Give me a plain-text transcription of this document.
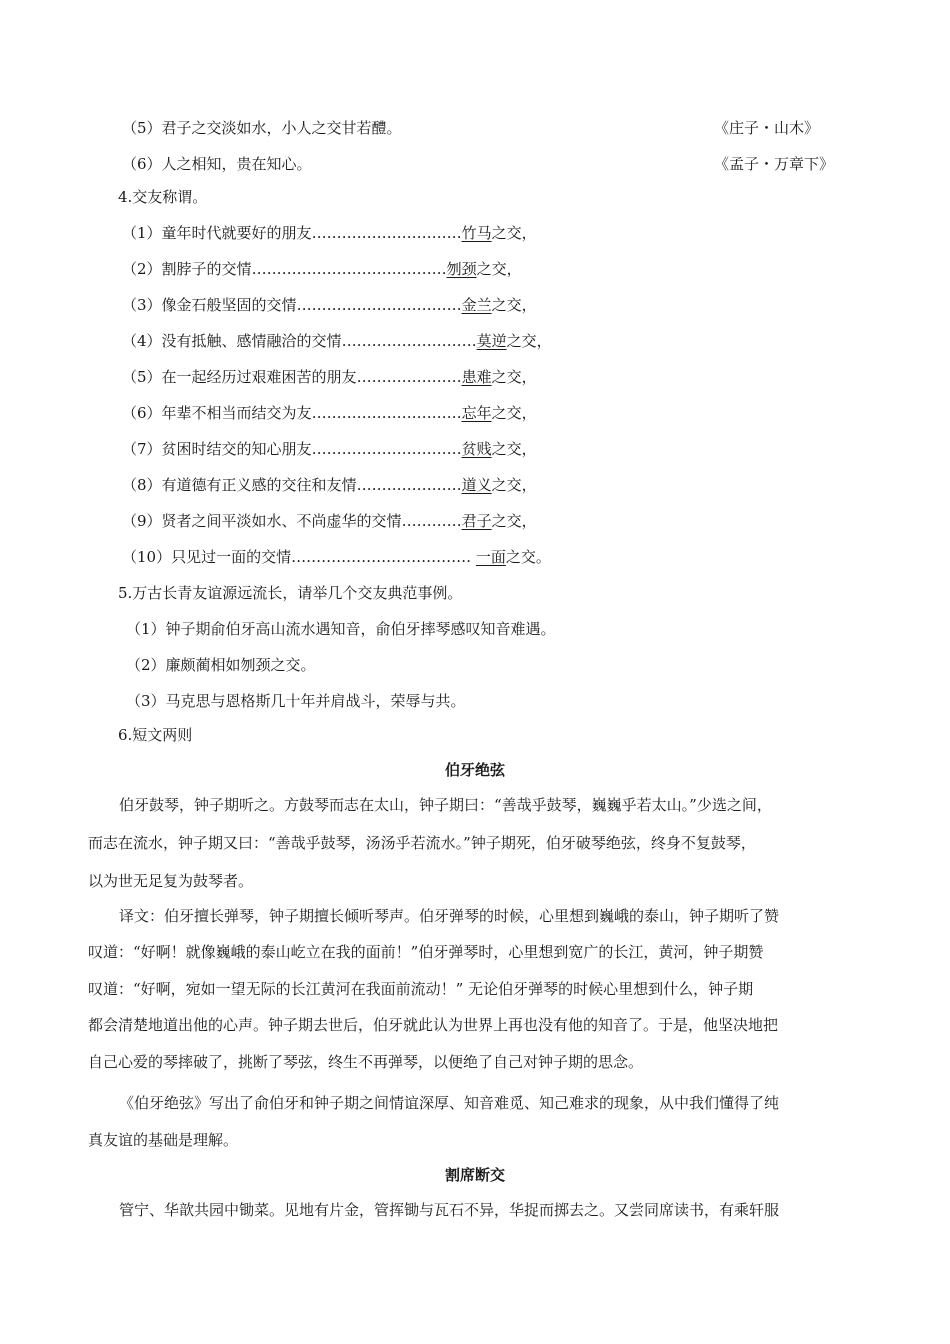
（5）君子之交淡如水，小人之交甘若醴。	《庄子・山木》
（6）人之相知，贵在知心。	《孟子・万章下》
4.交友称谓。
（1）童年时代就要好的朋友…………………………竹马之交，
（2）割脖子的交情…………………………………刎颈之交，
（3）像金石般坚固的交情……………………………金兰之交，
（4）没有抵触、感情融洽的交情………………………莫逆之交，
（5）在一起经历过艰难困苦的朋友…………………患难之交，
（6）年辈不相当而结交为友…………………………忘年之交，
（7）贫困时结交的知心朋友…………………………贫贱之交，
（8）有道德有正义感的交往和友情…………………道义之交，
（9）贤者之间平淡如水、不尚虚华的交情…………君子之交，
（10）只见过一面的交情……………………………… 一面之交。
5.万古长青友谊源远流长，请举几个交友典范事例。
（1）钟子期俞伯牙高山流水遇知音，俞伯牙摔琴感叹知音难遇。
（2）廉颇蔺相如刎颈之交。
（3）马克思与恩格斯几十年并肩战斗，荣辱与共。
6.短文两则
伯牙绝弦
伯牙鼓琴，钟子期听之。方鼓琴而志在太山，钟子期曰：“善哉乎鼓琴，巍巍乎若太山。”少选之间，
而志在流水，钟子期又曰：“善哉乎鼓琴，汤汤乎若流水。”钟子期死，伯牙破琴绝弦，终身不复鼓琴，
以为世无足复为鼓琴者。
译文：伯牙擅长弹琴，钟子期擅长倾听琴声。伯牙弹琴的时候，心里想到巍峨的泰山，钟子期听了赞
叹道：“好啊！就像巍峨的泰山屹立在我的面前！”伯牙弹琴时，心里想到宽广的长江，黄河，钟子期赞
叹道：“好啊，宛如一望无际的长江黄河在我面前流动！” 无论伯牙弹琴的时候心里想到什么，钟子期
都会清楚地道出他的心声。钟子期去世后，伯牙就此认为世界上再也没有他的知音了。于是，他坚决地把
自己心爱的琴摔破了，挑断了琴弦，终生不再弹琴，以便绝了自己对钟子期的思念。
《伯牙绝弦》写出了俞伯牙和钟子期之间情谊深厚、知音难觅、知己难求的现象，从中我们懂得了纯
真友谊的基础是理解。
割席断交
管宁、华歆共园中锄菜。见地有片金，管挥锄与瓦石不异，华捉而掷去之。又尝同席读书，有乘轩服
